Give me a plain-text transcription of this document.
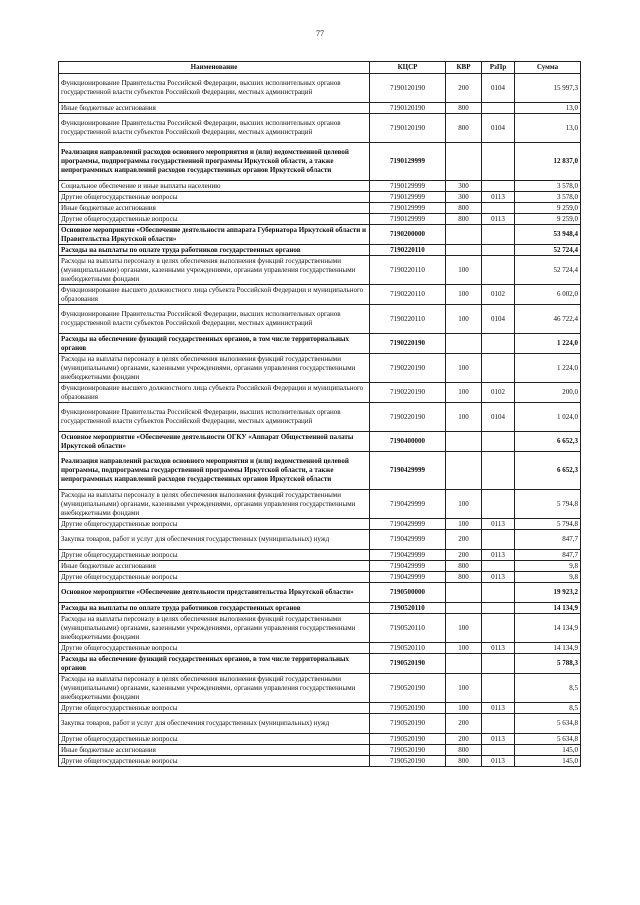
77
Наименование	КЦСР	КВР	РзПр	Сумма
Функционирование Правительства Российской Федерации, высших исполнительных органов государственной власти субъектов Российской Федерации, местных администраций	7190120190	200	0104	15 997,3
Иные бюджетные ассигнования	7190120190	800		13,0
Функционирование Правительства Российской Федерации, высших исполнительных органов государственной власти субъектов Российской Федерации, местных администраций	7190120190	800	0104	13,0
Реализация направлений расходов основного мероприятия и (или) ведомственной целевой программы, подпрограммы государственной программы Иркутской области, а также непрограммных направлений расходов государственных органов Иркутской области	7190129999			12 837,0
Социальное обеспечение и иные выплаты населению	7190129999	300		3 578,0
Другие общегосударственные вопросы	7190129999	300	0113	3 578,0
Иные бюджетные ассигнования	7190129999	800		9 259,0
Другие общегосударственные вопросы	7190129999	800	0113	9 259,0
Основное мероприятие «Обеспечение деятельности аппарата Губернатора Иркутской области и Правительства Иркутской области»	7190200000			53 948,4
Расходы на выплаты по оплате труда работников государственных органов	7190220110			52 724,4
Расходы на выплаты персоналу в целях обеспечения выполнения функций государственными (муниципальными) органами, казенными учреждениями, органами управления государственными внебюджетными фондами	7190220110	100		52 724,4
Функционирование высшего должностного лица субъекта Российской Федерации и муниципального образования	7190220110	100	0102	6 002,0
Функционирование Правительства Российской Федерации, высших исполнительных органов государственной власти субъектов Российской Федерации, местных администраций	7190220110	100	0104	46 722,4
Расходы на обеспечение функций государственных органов, в том числе территориальных органов	7190220190			1 224,0
Расходы на выплаты персоналу в целях обеспечения выполнения функций государственными (муниципальными) органами, казенными учреждениями, органами управления государственными внебюджетными фондами	7190220190	100		1 224,0
Функционирование высшего должностного лица субъекта Российской Федерации и муниципального образования	7190220190	100	0102	200,0
Функционирование Правительства Российской Федерации, высших исполнительных органов государственной власти субъектов Российской Федерации, местных администраций	7190220190	100	0104	1 024,0
Основное мероприятие «Обеспечение деятельности ОГКУ «Аппарат Общественной палаты Иркутской области»	7190400000			6 652,3
Реализация направлений расходов основного мероприятия и (или) ведомственной целевой программы, подпрограммы государственной программы Иркутской области, а также непрограммных направлений расходов государственных органов Иркутской области	7190429999			6 652,3
Расходы на выплаты персоналу в целях обеспечения выполнения функций государственными (муниципальными) органами, казенными учреждениями, органами управления государственными внебюджетными фондами	7190429999	100		5 794,8
Другие общегосударственные вопросы	7190429999	100	0113	5 794,8
Закупка товаров, работ и услуг для обеспечения государственных (муниципальных) нужд	7190429999	200		847,7
Другие общегосударственные вопросы	7190429999	200	0113	847,7
Иные бюджетные ассигнования	7190429999	800		9,8
Другие общегосударственные вопросы	7190429999	800	0113	9,8
Основное мероприятие «Обеспечение деятельности представительства Иркутской области»	7190500000			19 923,2
Расходы на выплаты по оплате труда работников государственных органов	7190520110			14 134,9
Расходы на выплаты персоналу в целях обеспечения выполнения функций государственными (муниципальными) органами, казенными учреждениями, органами управления государственными внебюджетными фондами	7190520110	100		14 134,9
Другие общегосударственные вопросы	7190520110	100	0113	14 134,9
Расходы на обеспечение функций государственных органов, в том числе территориальных органов	7190520190			5 788,3
Расходы на выплаты персоналу в целях обеспечения выполнения функций государственными (муниципальными) органами, казенными учреждениями, органами управления государственными внебюджетными фондами	7190520190	100		8,5
Другие общегосударственные вопросы	7190520190	100	0113	8,5
Закупка товаров, работ и услуг для обеспечения государственных (муниципальных) нужд	7190520190	200		5 634,8
Другие общегосударственные вопросы	7190520190	200	0113	5 634,8
Иные бюджетные ассигнования	7190520190	800		145,0
Другие общегосударственные вопросы	7190520190	800	0113	145,0
